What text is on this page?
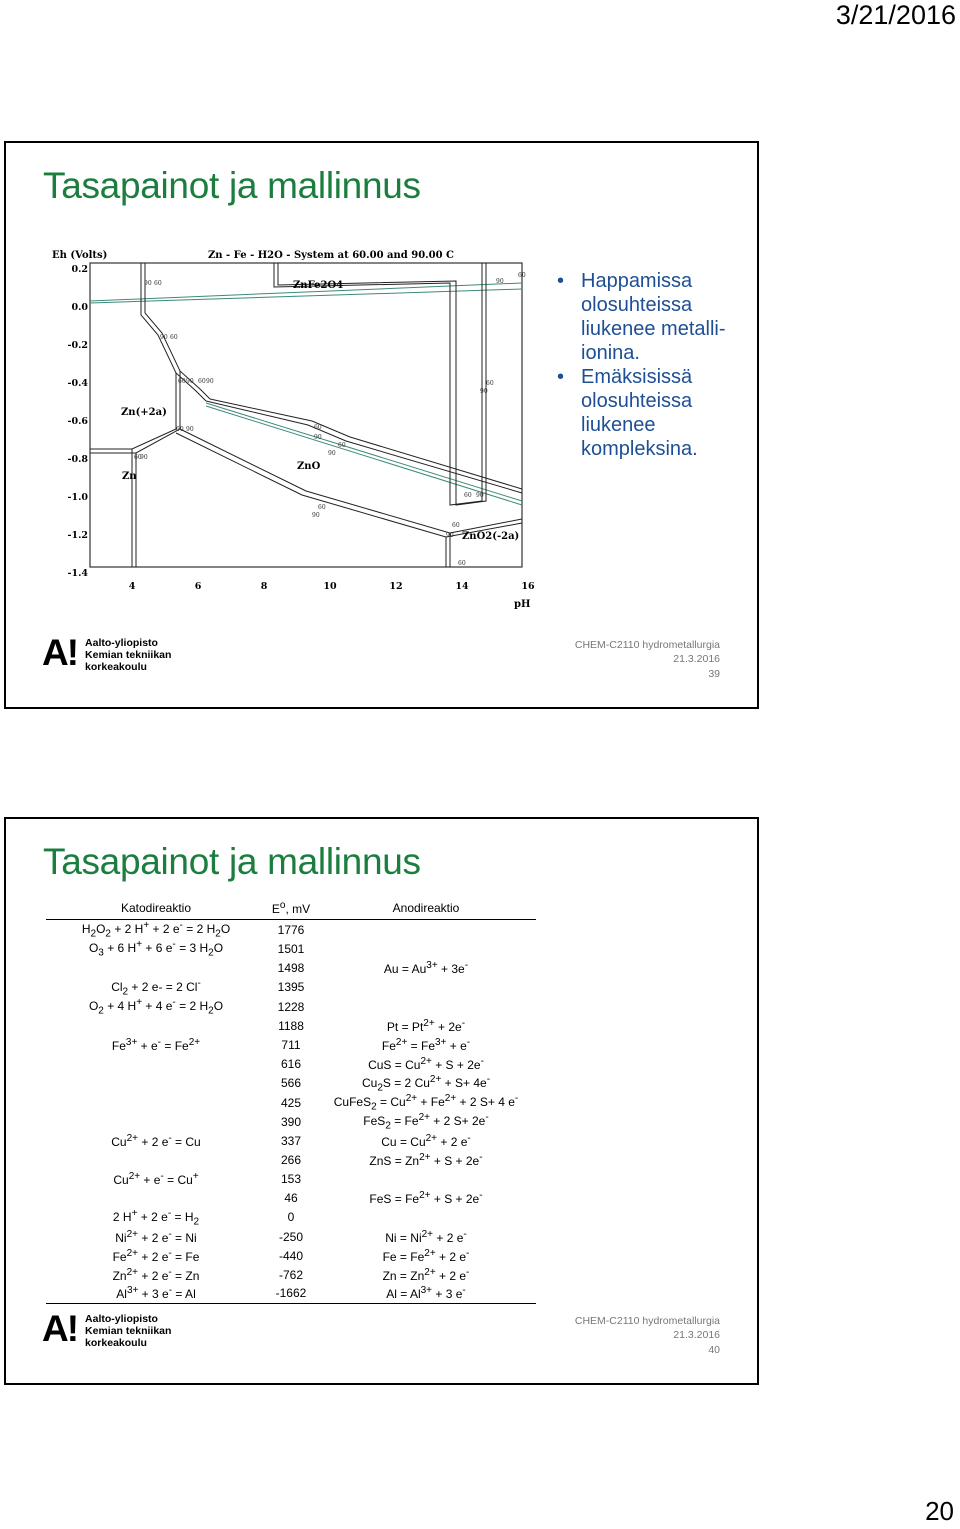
3/21/2016
Tasapainot ja mallinnus
90 60
90 60
60 90 60 90
60 90
60
90
60
90
60
90
60
90
60
90
60
90
60 90
60
90
60
Eh (Volts)	Zn - Fe - H2O - System at 60.00 and 90.00 C
pH
0.2
0.0
-0.2
-0.4
-0.6
-0.8
-1.0
-1.2
-1.4
4	6	8	10	12	14	16
ZnFe2O4
Zn(+2a)
ZnO
Zn
ZnO2(-2a)
• Happamissa olosuhteissa liukenee metalli-ionina.
• Emäksisissä olosuhteissa liukenee kompleksina.
A! Aalto-yliopisto
Kemian tekniikan
korkeakoulu
CHEM-C2110 hydrometallurgia
21.3.2016
39
Tasapainot ja mallinnus
Katodireaktio	$E^o$, mV	Anodireaktio
$H_2O_2 + 2$ H+ + 2 e- = 2 $H_2O$	1776	
$O_3 + 6$ H+ + 6 e- = 3 $H_2O$	1501	
	1498	$Au = Au^{3+} + 3e^-$
$Cl_2 + 2$ e- = 2 Cl-	1395	
$O_2 + 4$ H+ + 4 e- = 2 $H_2O$	1228	
	1188	$Pt = Pt^{2+} + 2e^-$
$Fe^{3+} + e^- = Fe^{2+}$	711	$Fe^{2+} = Fe^{3+} + e^-$
	616	CuS = $Cu^{2+} + S + 2e^-$
	566	$Cu_2S = 2$ $Cu^{2+} + S+ 4e^-$
	425	CuFeS$_2$ = $Cu^{2+} + Fe^{2+} + 2$ S+ 4 e-
	390	$FeS_2 = Fe^{2+} + 2$ S+ 2e-
$Cu^{2+} + 2$ e- = Cu	337	$Cu = Cu^{2+} + 2$ e-
	266	ZnS = $Zn^{2+} + S + 2e^-$
$Cu^{2+} + e^- = Cu^+$	153	
	46	FeS = $Fe^{2+} + S + 2e^-$
2 H+ + 2 $e^- = H_2$	0	
$Ni^{2+} + 2$ e- = Ni	-250	$Ni = Ni^{2+} + 2$ e-
$Fe^{2+} + 2$ e- = Fe	-440	$Fe = Fe^{2+} + 2$ e-
$Zn^{2+} + 2$ e- = Zn	-762	$Zn = Zn^{2+} + 2$ e-
$Al^{3+} + 3$ e- = Al	-1662	$Al = Al^{3+} + 3$ e-
A! Aalto-yliopisto
Kemian tekniikan
korkeakoulu
CHEM-C2110 hydrometallurgia
21.3.2016
40
20
